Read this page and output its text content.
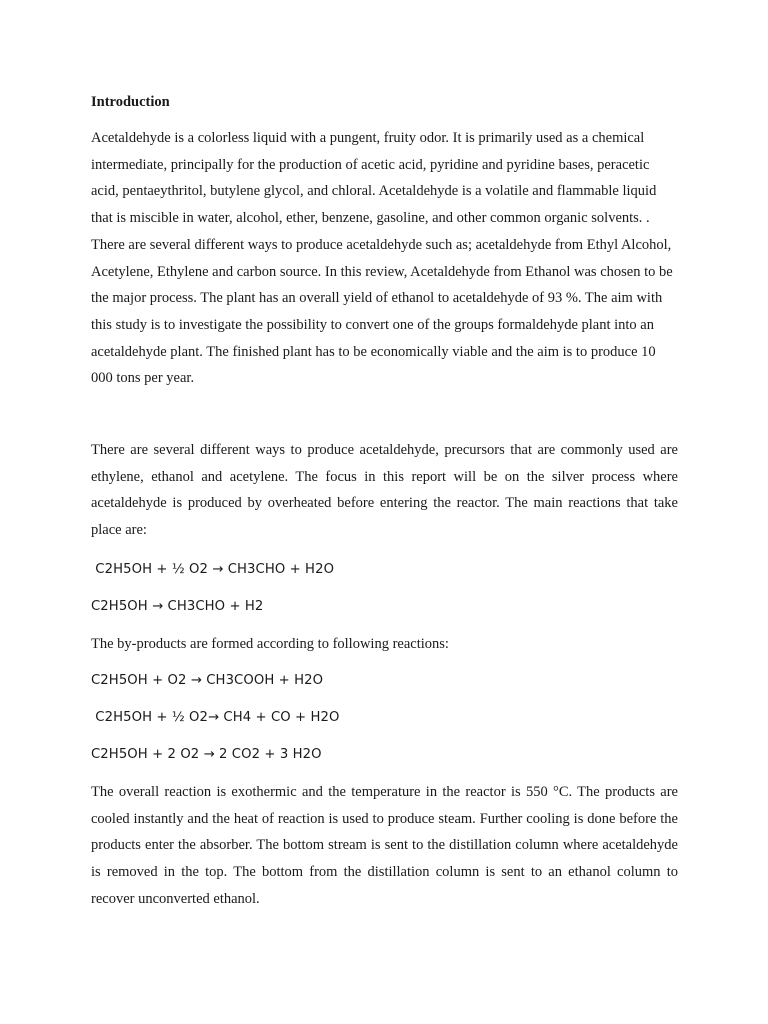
Introduction

Acetaldehyde is a colorless liquid with a pungent, fruity odor. It is primarily used as a chemical intermediate, principally for the production of acetic acid, pyridine and pyridine bases, peracetic acid, pentaeythritol, butylene glycol, and chloral. Acetaldehyde is a volatile and flammable liquid that is miscible in water, alcohol, ether, benzene, gasoline, and other common organic solvents. . There are several different ways to produce acetaldehyde such as; acetaldehyde from Ethyl Alcohol, Acetylene, Ethylene and carbon source. In this review, Acetaldehyde from Ethanol was chosen to be the major process. The plant has an overall yield of ethanol to acetaldehyde of 93 %. The aim with this study is to investigate the possibility to convert one of the groups formaldehyde plant into an acetaldehyde plant. The finished plant has to be economically viable and the aim is to produce 10 000 tons per year.

There are several different ways to produce acetaldehyde, precursors that are commonly used are ethylene, ethanol and acetylene. The focus in this report will be on the silver process where acetaldehyde is produced by overheated before entering the reactor. The main reactions that take place are:

C2H5OH + ½ O2 → CH3CHO + H2O
C2H5OH → CH3CHO + H2
The by-products are formed according to following reactions:
C2H5OH + O2 → CH3COOH + H2O
C2H5OH + ½ O2→ CH4 + CO + H2O
C2H5OH + 2 O2 → 2 CO2 + 3 H2O

The overall reaction is exothermic and the temperature in the reactor is 550 °C. The products are cooled instantly and the heat of reaction is used to produce steam. Further cooling is done before the products enter the absorber. The bottom stream is sent to the distillation column where acetaldehyde is removed in the top. The bottom from the distillation column is sent to an ethanol column to recover unconverted ethanol.
